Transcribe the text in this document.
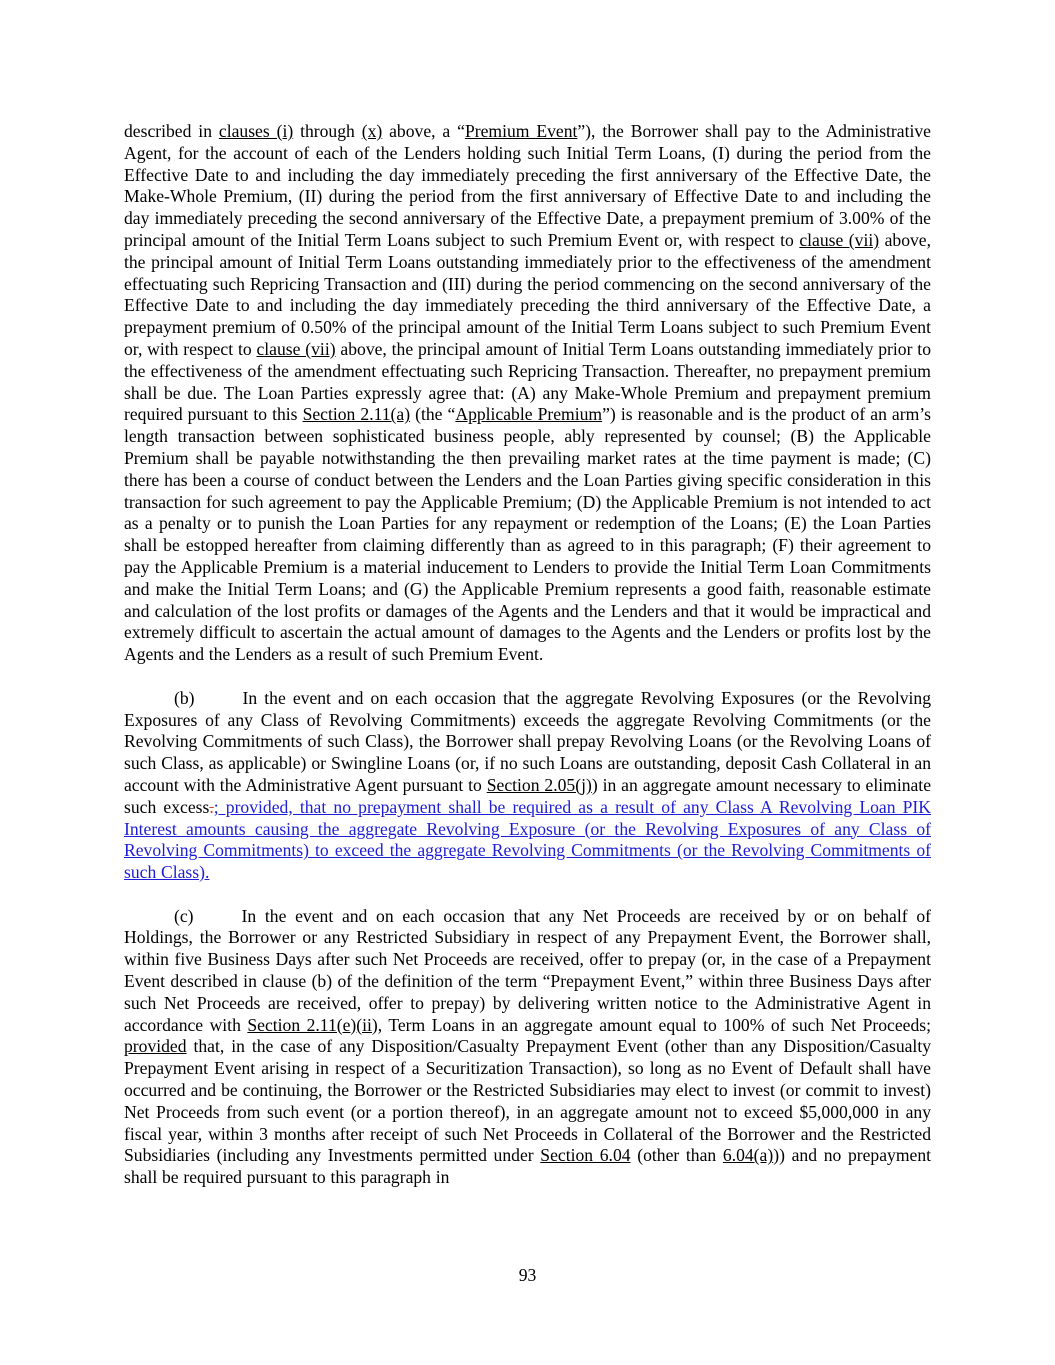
described in clauses (i) through (x) above, a “Premium Event”), the Borrower shall pay to the Administrative Agent, for the account of each of the Lenders holding such Initial Term Loans, (I) during the period from the Effective Date to and including the day immediately preceding the first anniversary of the Effective Date, the Make-Whole Premium, (II) during the period from the first anniversary of Effective Date to and including the day immediately preceding the second anniversary of the Effective Date, a prepayment premium of 3.00% of the principal amount of the Initial Term Loans subject to such Premium Event or, with respect to clause (vii) above, the principal amount of Initial Term Loans outstanding immediately prior to the effectiveness of the amendment effectuating such Repricing Transaction and (III) during the period commencing on the second anniversary of the Effective Date to and including the day immediately preceding the third anniversary of the Effective Date, a prepayment premium of 0.50% of the principal amount of the Initial Term Loans subject to such Premium Event or, with respect to clause (vii) above, the principal amount of Initial Term Loans outstanding immediately prior to the effectiveness of the amendment effectuating such Repricing Transaction. Thereafter, no prepayment premium shall be due. The Loan Parties expressly agree that: (A) any Make-Whole Premium and prepayment premium required pursuant to this Section 2.11(a) (the “Applicable Premium”) is reasonable and is the product of an arm’s length transaction between sophisticated business people, ably represented by counsel; (B) the Applicable Premium shall be payable notwithstanding the then prevailing market rates at the time payment is made; (C) there has been a course of conduct between the Lenders and the Loan Parties giving specific consideration in this transaction for such agreement to pay the Applicable Premium; (D) the Applicable Premium is not intended to act as a penalty or to punish the Loan Parties for any repayment or redemption of the Loans; (E) the Loan Parties shall be estopped hereafter from claiming differently than as agreed to in this paragraph; (F) their agreement to pay the Applicable Premium is a material inducement to Lenders to provide the Initial Term Loan Commitments and make the Initial Term Loans; and (G) the Applicable Premium represents a good faith, reasonable estimate and calculation of the lost profits or damages of the Agents and the Lenders and that it would be impractical and extremely difficult to ascertain the actual amount of damages to the Agents and the Lenders or profits lost by the Agents and the Lenders as a result of such Premium Event.

(b)	In the event and on each occasion that the aggregate Revolving Exposures (or the Revolving Exposures of any Class of Revolving Commitments) exceeds the aggregate Revolving Commitments (or the Revolving Commitments of such Class), the Borrower shall prepay Revolving Loans (or the Revolving Loans of such Class, as applicable) or Swingline Loans (or, if no such Loans are outstanding, deposit Cash Collateral in an account with the Administrative Agent pursuant to Section 2.05(j)) in an aggregate amount necessary to eliminate such excess.; provided, that no prepayment shall be required as a result of any Class A Revolving Loan PIK Interest amounts causing the aggregate Revolving Exposure (or the Revolving Exposures of any Class of Revolving Commitments) to exceed the aggregate Revolving Commitments (or the Revolving Commitments of such Class).

(c)	In the event and on each occasion that any Net Proceeds are received by or on behalf of Holdings, the Borrower or any Restricted Subsidiary in respect of any Prepayment Event, the Borrower shall, within five Business Days after such Net Proceeds are received, offer to prepay (or, in the case of a Prepayment Event described in clause (b) of the definition of the term “Prepayment Event,” within three Business Days after such Net Proceeds are received, offer to prepay) by delivering written notice to the Administrative Agent in accordance with Section 2.11(e)(ii), Term Loans in an aggregate amount equal to 100% of such Net Proceeds; provided that, in the case of any Disposition/Casualty Prepayment Event (other than any Disposition/Casualty Prepayment Event arising in respect of a Securitization Transaction), so long as no Event of Default shall have occurred and be continuing, the Borrower or the Restricted Subsidiaries may elect to invest (or commit to invest) Net Proceeds from such event (or a portion thereof), in an aggregate amount not to exceed $5,000,000 in any fiscal year, within 3 months after receipt of such Net Proceeds in Collateral of the Borrower and the Restricted Subsidiaries (including any Investments permitted under Section 6.04 (other than 6.04(a))) and no prepayment shall be required pursuant to this paragraph in

93
